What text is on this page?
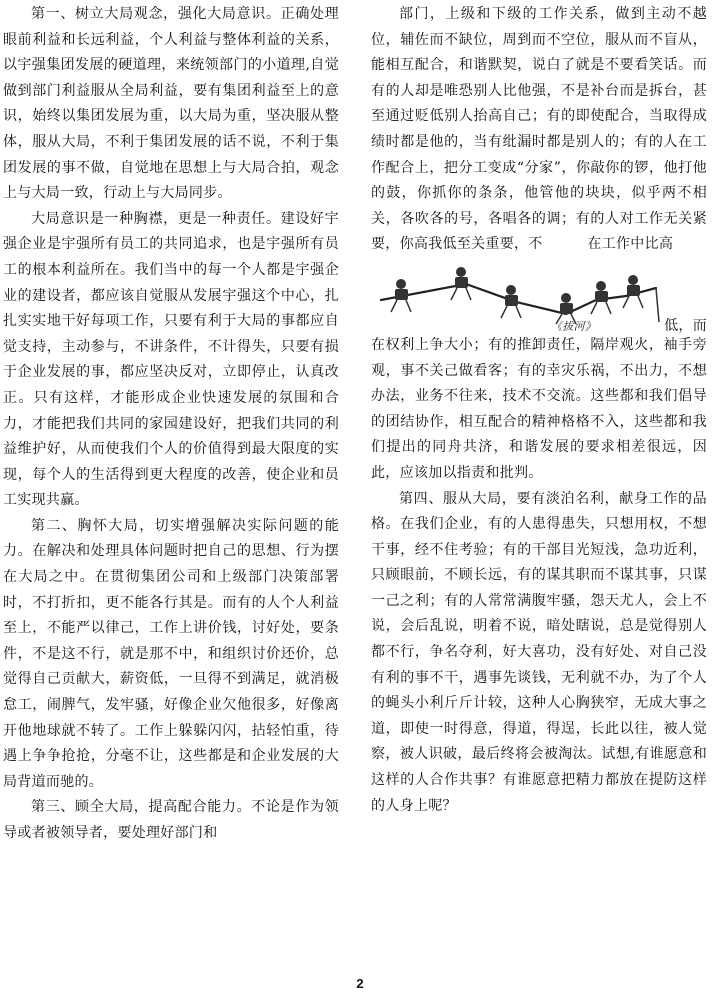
第一、树立大局观念，强化大局意识。正确处理眼前利益和长远利益，个人利益与整体利益的关系，以宇强集团发展的硬道理，来统领部门的小道理,自觉做到部门利益服从全局利益，要有集团利益至上的意识，始终以集团发展为重，以大局为重，坚决服从整体，服从大局，不利于集团发展的话不说，不利于集团发展的事不做，自觉地在思想上与大局合拍，观念上与大局一致，行动上与大局同步。

大局意识是一种胸襟，更是一种责任。建设好宇强企业是宇强所有员工的共同追求，也是宇强所有员工的根本利益所在。我们当中的每一个人都是宇强企业的建设者，都应该自觉服从发展宇强这个中心，扎扎实实地干好每项工作，只要有利于大局的事都应自觉支持，主动参与，不讲条件，不计得失，只要有损于企业发展的事，都应坚决反对，立即停止，认真改正。只有这样，才能形成企业快速发展的氛围和合力，才能把我们共同的家园建设好，把我们共同的利益维护好，从而使我们个人的价值得到最大限度的实现，每个人的生活得到更大程度的改善，使企业和员工实现共赢。

第二、胸怀大局，切实增强解决实际问题的能力。在解决和处理具体问题时把自己的思想、行为摆在大局之中。在贯彻集团公司和上级部门决策部署时，不打折扣，更不能各行其是。而有的人个人利益至上，不能严以律己，工作上讲价钱，讨好处，要条件，不是这不行，就是那不中，和组织讨价还价，总觉得自己贡献大，薪资低，一旦得不到满足，就消极怠工，闹脾气，发牢骚，好像企业欠他很多，好像离开他地球就不转了。工作上躲躲闪闪，拈轻怕重，待遇上争争抢抢，分毫不让，这些都是和企业发展的大局背道而驰的。

第三、顾全大局，提高配合能力。不论是作为领导或者被领导者，要处理好部门和

部门，上级和下级的工作关系，做到主动不越位，辅佐而不缺位，周到而不空位，服从而不盲从，能相互配合，和谐默契，说白了就是不要看笑话。而有的人却是唯恐别人比他强，不是补台而是拆台，甚至通过贬低别人抬高自己；有的即使配合，当取得成绩时都是他的，当有纰漏时都是别人的；有的人在工作配合上，把分工变成“分家”，你敲你的锣，他打他的鼓，你抓你的条条，他管他的块块，似乎两不相关，各吹各的号，各唱各的调；有的人对工作无关紧要，你高我低至关重要，不	在工作中比高

《拔河》	低，而

在权利上争大小；有的推卸责任，隔岸观火，袖手旁观，事不关己做看客；有的幸灾乐祸，不出力，不想办法，业务不往来，技术不交流。这些都和我们倡导的团结协作，相互配合的精神格格不入，这些都和我们提出的同舟共济，和谐发展的要求相差很远，因此，应该加以指责和批判。

第四、服从大局，要有淡泊名利，献身工作的品格。在我们企业，有的人患得患失，只想用权，不想干事，经不住考验；有的干部目光短浅，急功近利，只顾眼前，不顾长远，有的谋其职而不谋其事，只谋一己之利；有的人常常满腹牢骚，怨天尤人，会上不说，会后乱说，明着不说，暗处瞎说，总是觉得别人都不行，争名夺利，好大喜功，没有好处、对自己没有利的事不干，遇事先谈钱，无利就不办，为了个人的蝇头小利斤斤计较，这种人心胸狭窄，无成大事之道，即使一时得意，得道，得逞，长此以往，被人觉察，被人识破，最后终将会被淘汰。试想,有谁愿意和这样的人合作共事？有谁愿意把精力都放在提防这样的人身上呢？

2
